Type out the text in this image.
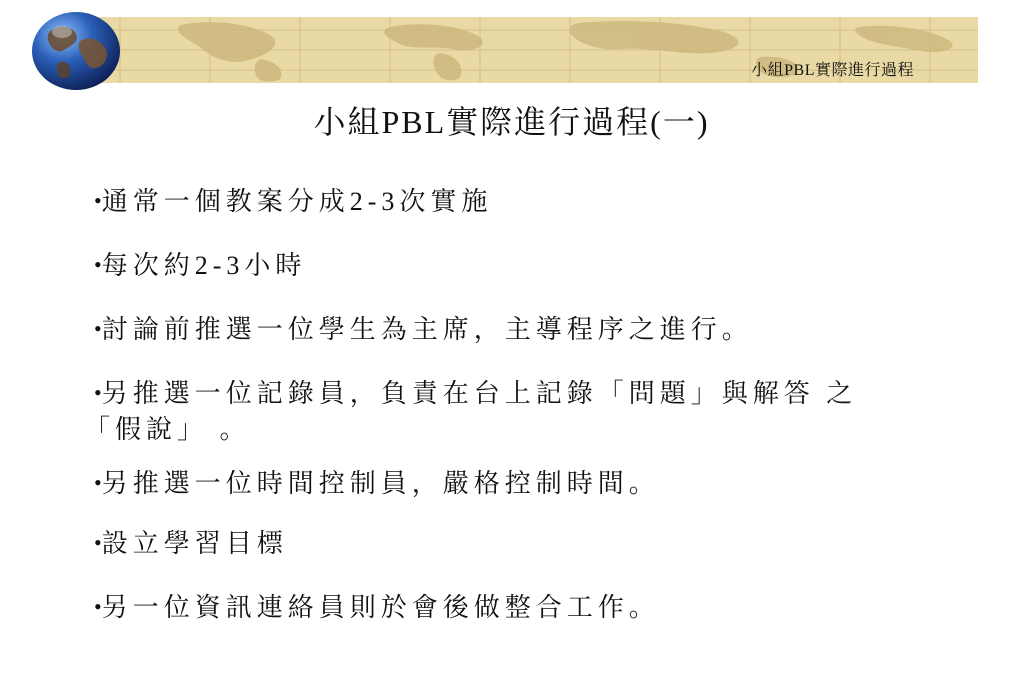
小組PBL實際進行過程
小組PBL實際進行過程(一)
•通常一個教案分成2-3次實施
•每次約2-3小時
•討論前推選一位學生為主席，主導程序之進行。
•另推選一位記錄員，負責在台上記錄「問題」與解答 之
「假說」 。
•另推選一位時間控制員，嚴格控制時間。
•設立學習目標
•另一位資訊連絡員則於會後做整合工作。
